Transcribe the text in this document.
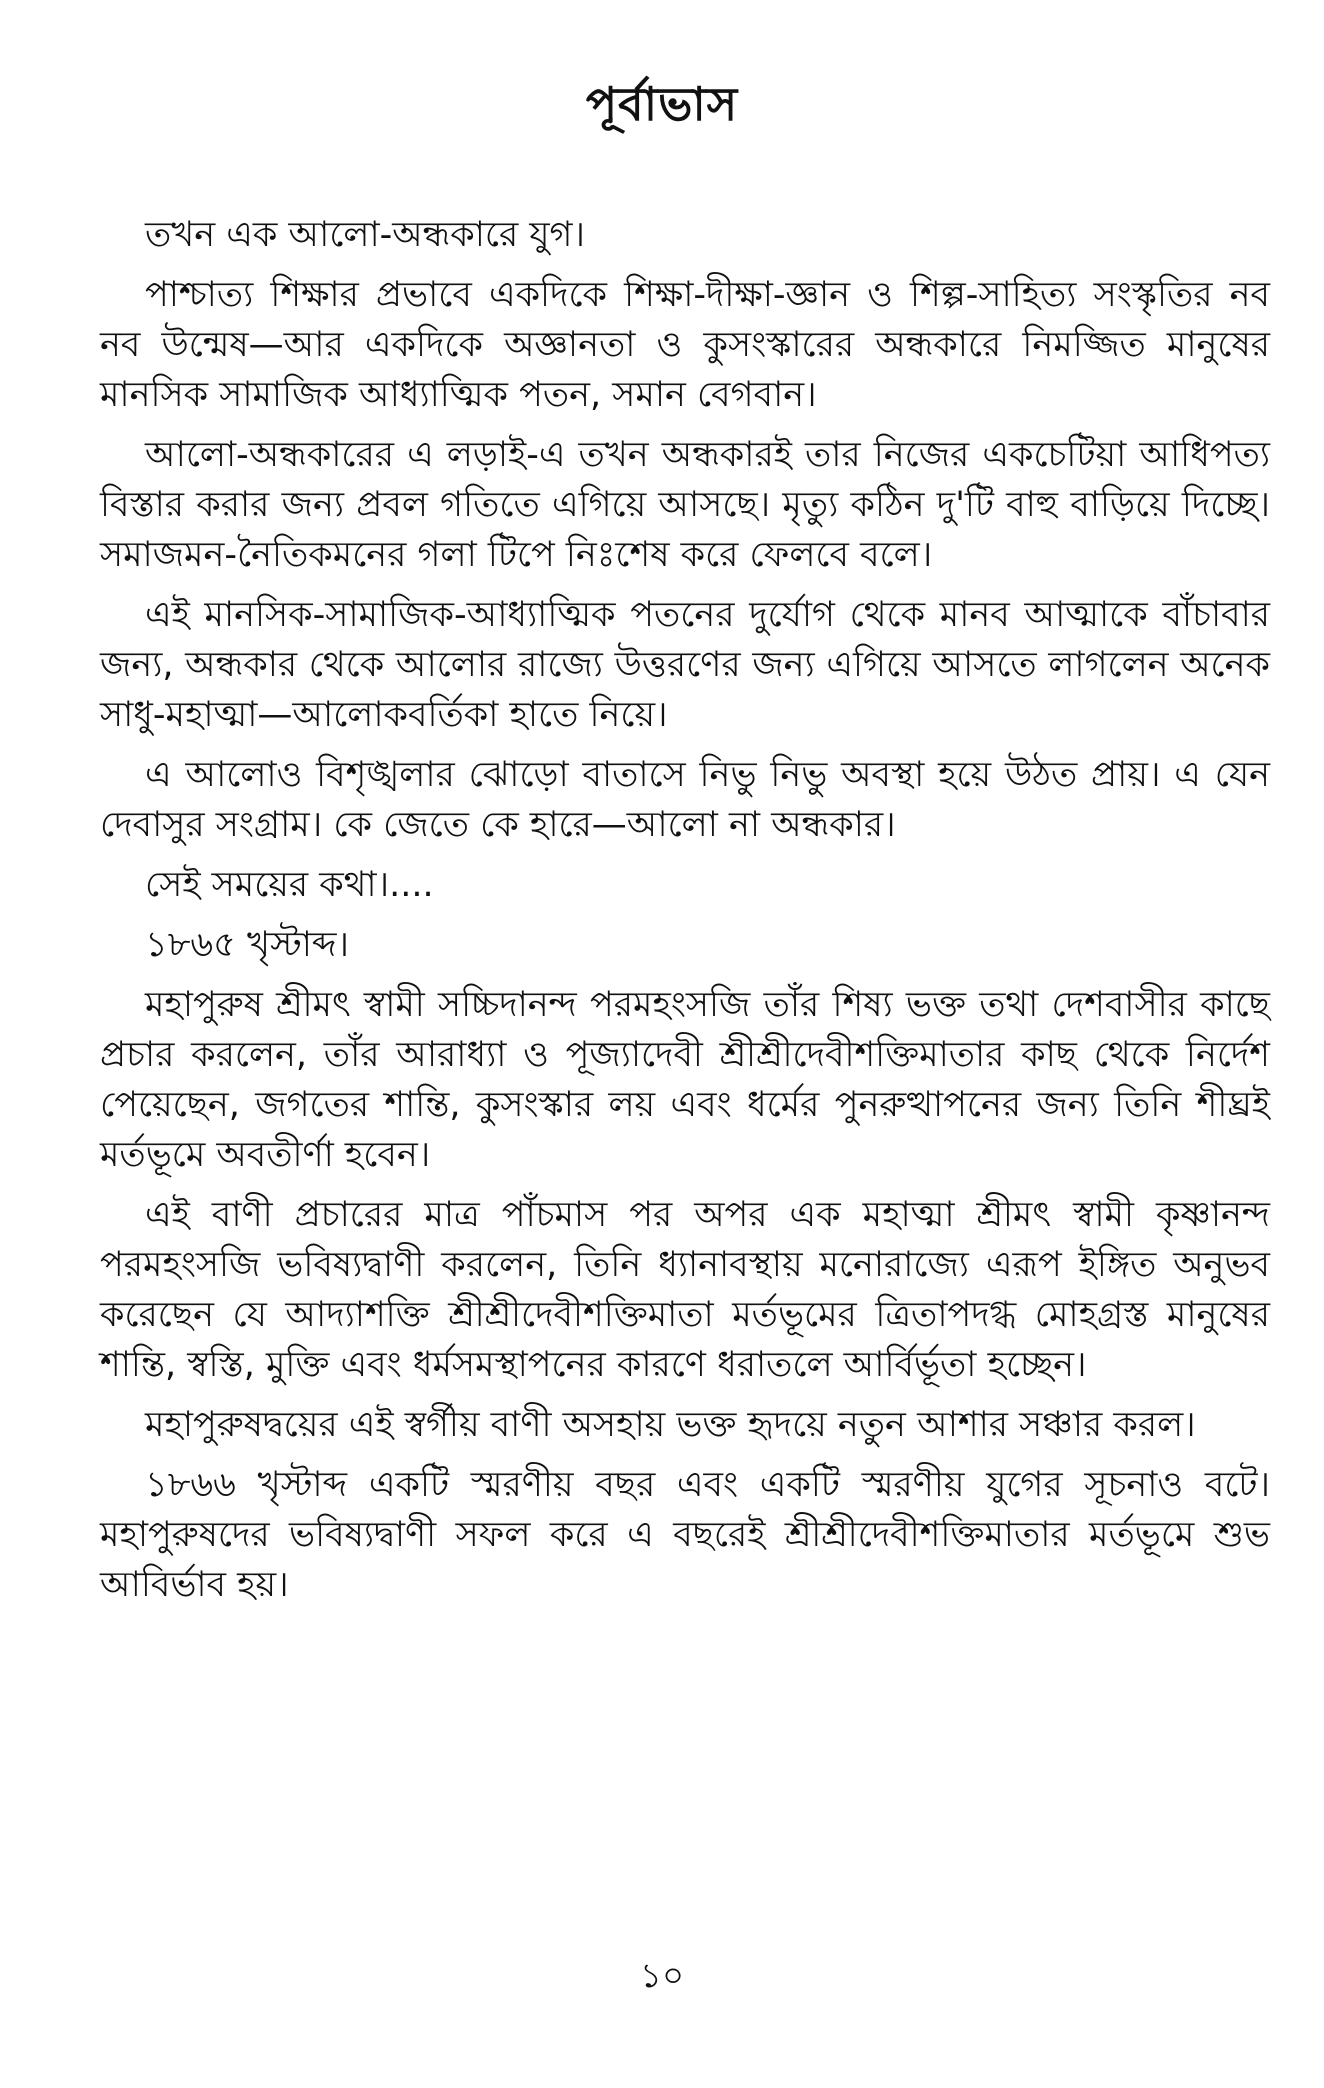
পূর্বাভাস

তখন এক আলো-অন্ধকারে যুগ।

পাশ্চাত্য শিক্ষার প্রভাবে একদিকে শিক্ষা-দীক্ষা-জ্ঞান ও শিল্প-সাহিত্য সংস্কৃতির নব নব উন্মেষ—আর একদিকে অজ্ঞানতা ও কুসংস্কারের অন্ধকারে নিমজ্জিত মানুষের মানসিক সামাজিক আধ্যাত্মিক পতন, সমান বেগবান।

আলো-অন্ধকারের এ লড়াই-এ তখন অন্ধকারই তার নিজের একচেটিয়া আধিপত্য বিস্তার করার জন্য প্রবল গতিতে এগিয়ে আসছে। মৃত্যু কঠিন দু'টি বাহু বাড়িয়ে দিচ্ছে। সমাজমন-নৈতিকমনের গলা টিপে নিঃশেষ করে ফেলবে বলে।

এই মানসিক-সামাজিক-আধ্যাত্মিক পতনের দুর্যোগ থেকে মানব আত্মাকে বাঁচাবার জন্য, অন্ধকার থেকে আলোর রাজ্যে উত্তরণের জন্য এগিয়ে আসতে লাগলেন অনেক সাধু-মহাত্মা—আলোকবর্তিকা হাতে নিয়ে।

এ আলোও বিশৃঙ্খলার ঝোড়ো বাতাসে নিভু নিভু অবস্থা হয়ে উঠত প্রায়। এ যেন দেবাসুর সংগ্রাম। কে জেতে কে হারে—আলো না অন্ধকার।

সেই সময়ের কথা।....

১৮৬৫ খৃস্টাব্দ।

মহাপুরুষ শ্রীমৎ স্বামী সচ্চিদানন্দ পরমহংসজি তাঁর শিষ্য ভক্ত তথা দেশবাসীর কাছে প্রচার করলেন, তাঁর আরাধ্যা ও পূজ্যাদেবী শ্রীশ্রীদেবীশক্তিমাতার কাছ থেকে নির্দেশ পেয়েছেন, জগতের শান্তি, কুসংস্কার লয় এবং ধর্মের পুনরুত্থাপনের জন্য তিনি শীঘ্রই মর্তভূমে অবতীর্ণা হবেন।

এই বাণী প্রচারের মাত্র পাঁচমাস পর অপর এক মহাত্মা শ্রীমৎ স্বামী কৃষ্ণানন্দ পরমহংসজি ভবিষ্যদ্বাণী করলেন, তিনি ধ্যানাবস্থায় মনোরাজ্যে এরূপ ইঙ্গিত অনুভব করেছেন যে আদ্যাশক্তি শ্রীশ্রীদেবীশক্তিমাতা মর্তভূমের ত্রিতাপদগ্ধ মোহগ্রস্ত মানুষের শান্তি, স্বস্তি, মুক্তি এবং ধর্মসমস্থাপনের কারণে ধরাতলে আর্বির্ভূতা হচ্ছেন।

মহাপুরুষদ্বয়ের এই স্বর্গীয় বাণী অসহায় ভক্ত হৃদয়ে নতুন আশার সঞ্চার করল।

১৮৬৬ খৃস্টাব্দ একটি স্মরণীয় বছর এবং একটি স্মরণীয় যুগের সূচনাও বটে। মহাপুরুষদের ভবিষ্যদ্বাণী সফল করে এ বছরেই শ্রীশ্রীদেবীশক্তিমাতার মর্তভূমে শুভ আবির্ভাব হয়।

১০
